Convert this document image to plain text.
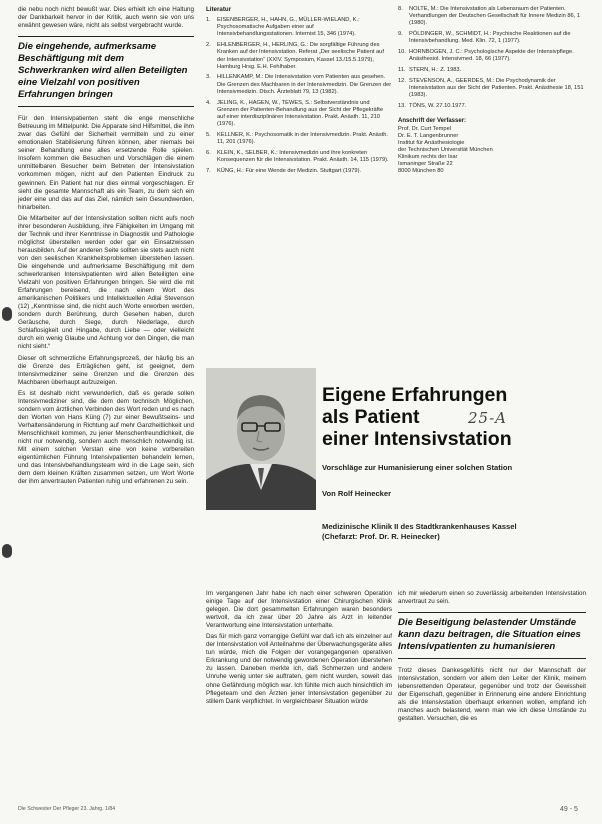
die nebu noch nicht bewußt war. Dies erhielt ich eine Haltung der Dankbarkeit hervor in der Kritik, auch wenn sie von uns erwähnt gewesen wäre, nicht als selbst vergebracht wurde.

Die eingehende, aufmerksame Beschäftigung mit dem Schwerkranken wird allen Beteiligten eine Vielzahl von positiven Erfahrungen bringen

Für den Intensivpatienten steht die enge menschliche Betreuung im Mittelpunkt. Die Apparate sind Hilfsmittel, die ihm zwar das Gefühl der Sicherheit vermitteln und zu einer emotionalen Stabilisierung führen können, aber niemals bei seiner Behandlung eine alles ersetzende Rolle spielen. Insofern kommen die Besuchen und Vorschlägen die einem unmittelbaren Besucher beim Betreten der Intensivstation vorkommen mögen, nicht auf den Patienten Eindruck zu gewinnen. Ein Patient hat nur dies einmal vorgeschlagen. Er sieht die gesamte Mannschaft als ein Team, zu dem sich ein jeder eine und das auf das Ziel, nämlich sein Gesundwerden, hinarbeiten.

Die Mitarbeiter auf der Intensivstation sollten nicht aufs noch ihrer besonderen Ausbildung, ihre Fähigkeiten im Umgang mit der Technik und ihrer Kenntnisse in Diagnostik und Pathologie möglichst überstellen werden oder gar ein Einsatzwissen herausbilden. Auf der anderen Seite sollten sie stets auch nicht von den seelischen Krankheitsproblemen überstehen lassen. Die eingehende und aufmerksame Beschäftigung mit dem schwerkranken Intensivpatienten wird allen Beteiligten eine Vielzahl von positiven Erfahrungen bringen. Sie wird die mit Erfahrungen bereisend, die nach einem Wort des amerikanischen Politikers und Intellektuellen Adlai Stevenson (12) „Kenntnisse sind, die nicht auch Worte erworben werden, sondern durch Berührung, durch Gesehen haben, durch Geräusche, durch Siege, durch Niederlage, durch Schlaflosigkeit und Hingabe, durch Liebe — oder vielleicht durch ein wenig Glaube und Achtung vor den Dingen, die man nicht sieht.“

Dieser oft schmerzliche Erfahrungsprozeß, der häufig bis an die Grenze des Erträglichen geht, ist geeignet, dem Intensivmediziner seine Grenzen und die Grenzen des Machbaren überhaupt aufzuzeigen.

Es ist deshalb nicht verwunderlich, daß es gerade sollen Intensivmediziner sind, die dem dem technisch Möglichen, sondern vom ärztlichen Verbinden des Wort reden und es nach den Worten von Hans Küng (7) zur einer Bewußtseins- und Verhaltensänderung in Richtung auf mehr Ganzheitlichkeit und Menschlichkeit kommen, zu jener Menschenfreundlichkeit, die nicht nur notwendig, sondern auch menschlich notwendig ist. Mit einem solchen Verstan eine von keine vorbereiten eigentümlichen Führung Intensivpatienten behandeln lernen, und das Intensivbehandlungsteam wird in die Lage sein, sich dem dem kleinen Kräften zusammen setzen, um Wort Worte der ihm anvertrauten Patienten ruhig und erfahrenen zu sein.

Literatur
1. EISENBERGER, H., HAHN, G., MÜLLER-WIELAND, K.: Psychosomatische Aufgaben einer auf Intensivbehandlungsstationen. Internist 15, 346 (1974).
2. EHLENBERGER, H., HERLING, G.: Die sorgfältige Führung des Kranken auf der Intensivstation. Referat „Der seelische Patient auf der Intensivstation“ (XXIV. Symposium, Kassel 13./15.5.1979), Hamburg Hrsg. E.H. Fehlhaber.
3. HILLENKAMP, M.: Die Intensivstation vom Patienten aus gesehen. Die Grenzen des Machbaren in der Intensivmedizin. Die Grenzen der Intensivmedizin. Dtsch. Ärzteblatt 79, 13 (1982).
4. JELING, K., HAGEN, W., TEWES, S.: Selbstverständnis und Grenzen der Patienten-Behandlung aus der Sicht der Pflegekräfte auf einer interdisziplinären Intensivstation. Prakt. Anästh. 11, 210 (1976).
5. KELLNER, K.: Psychosomatik in der Intensivmedizin. Prakt. Anästh. 11, 201 (1976).
6. KLEIN, K., SELBER, K.: Intensivmedizin und ihre konkreten Konsequenzen für die Intensivstation. Prakt. Anästh. 14, 115 (1979).
7. KÜNG, H.: Für eine Wende der Medizin. Stuttgart (1979).
8. NOLTE, M.: Die Intensivstation als Lebensraum der Patienten. Verhandlungen der Deutschen Gesellschaft für Innere Medizin 86, 1 (1980).
9. PÖLDINGER, W., SCHMIDT, H.: Psychische Reaktionen auf die Intensivbehandlung. Med. Klin. 72, 1 (1977).
10. HORNBOGEN, J. C.: Psychologische Aspekte der Intensivpflege. Anästhesiol. Intensivmed. 18, 66 (1977).
11. STERN, H.: Z. 1983.
12. STEVENSON, A., GEERDES, M.: Die Psychodynamik der Intensivstation aus der Sicht der Patienten. Prakt. Anästhesie 18, 151 (1983).
13. TÖNS, W. 27.10.1977.
Anschrift der Verfasser:
Prof. Dr. Curt Tempel
Dr. E. T. Langenbrunner
Institut für Anästhesiologie
der Technischen Universität München
Klinikum rechts der Isar
Ismaninger Straße 22
8000 München 80
Eigene Erfahrungen
als Patient
einer Intensivstation
25-A
Vorschläge zur Humanisierung einer solchen Station
Von Rolf Heinecker
Medizinische Klinik II des Stadtkrankenhauses Kassel
(Chefarzt: Prof. Dr. R. Heinecker)

Im vergangenen Jahr habe ich nach einer schweren Operation einige Tage auf der Intensivstation einer Chirurgischen Klinik gelegen. Die dort gesammelten Erfahrungen waren besonders wertvoll, da ich zwar über 20 Jahre als Arzt in leitender Verantwortung eine Intensivstation unterhalte.

Das für mich ganz vorrangige Gefühl war daß ich als einzelner auf der Intensivstation voll Anteilnahme der Überwachungsgeräte alles tun würde, mich die Folgen der vorangegangenen operativen Erkrankung und der notwendig gewordenen Operation überstehen zu lassen. Daneben merkte ich, daß Schmerzen und andere Unruhe wenig unter sie auftraten, gem nicht wurden, soweit das ohne Gefährdung möglich war. Ich fühlte mich auch hinsichtlich im Pflegeteam und den Ärzten jener Intensivstation gegenüber zu stillem Dank verpflichtet. In vergleichbarer Situation würde

ich mir wiederum einen so zuverlässig arbeitenden Intensivstation anvertraut zu sein.

Die Beseitigung belastender Umstände kann dazu beitragen, die Situation eines Intensivpatienten zu humanisieren

Trotz dieses Dankesgefühls nicht nur der Mannschaft der Intensivstation, sondern vor allem den Leiter der Klinik, meinem lebensrettenden Operateur, gegenüber und trotz der Gewissheit der Eigenschaft, gegenüber in Erinnerung eine andere Einrichtung als die Intensivstation überhaupt erkennen wollen, empfand ich manches auch belastend, wenn man wie ich diese Umstände zu gestalten. Versuchen, die es

Die Schwester Der Pfleger 23. Jahrg. 1/84	49 - 5
